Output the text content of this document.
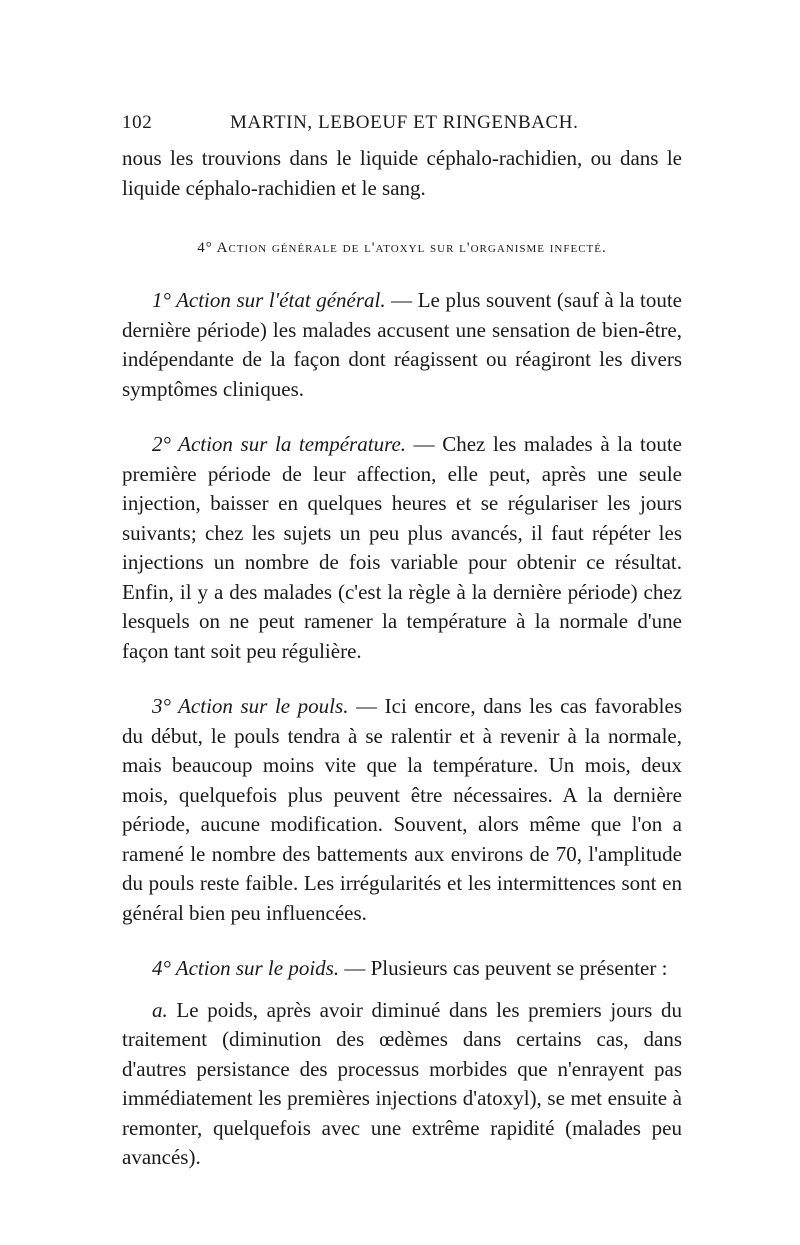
102	MARTIN, LEBOEUF ET RINGENBACH.

nous les trouvions dans le liquide céphalo-rachidien, ou dans le liquide céphalo-rachidien et le sang.

4° Action générale de l'atoxyl sur l'organisme infecté.

1° Action sur l'état général. — Le plus souvent (sauf à la toute dernière période) les malades accusent une sensation de bien-être, indépendante de la façon dont réagissent ou réagiront les divers symptômes cliniques.

2° Action sur la température. — Chez les malades à la toute première période de leur affection, elle peut, après une seule injection, baisser en quelques heures et se régulariser les jours suivants; chez les sujets un peu plus avancés, il faut répéter les injections un nombre de fois variable pour obtenir ce résultat. Enfin, il y a des malades (c'est la règle à la dernière période) chez lesquels on ne peut ramener la température à la normale d'une façon tant soit peu régulière.

3° Action sur le pouls. — Ici encore, dans les cas favorables du début, le pouls tendra à se ralentir et à revenir à la normale, mais beaucoup moins vite que la température. Un mois, deux mois, quelquefois plus peuvent être nécessaires. A la dernière période, aucune modification. Souvent, alors même que l'on a ramené le nombre des battements aux environs de 70, l'amplitude du pouls reste faible. Les irrégularités et les intermittences sont en général bien peu influencées.

4° Action sur le poids. — Plusieurs cas peuvent se présenter :

a. Le poids, après avoir diminué dans les premiers jours du traitement (diminution des œdèmes dans certains cas, dans d'autres persistance des processus morbides que n'enrayent pas immédiatement les premières injections d'atoxyl), se met ensuite à remonter, quelquefois avec une extrême rapidité (malades peu avancés).
